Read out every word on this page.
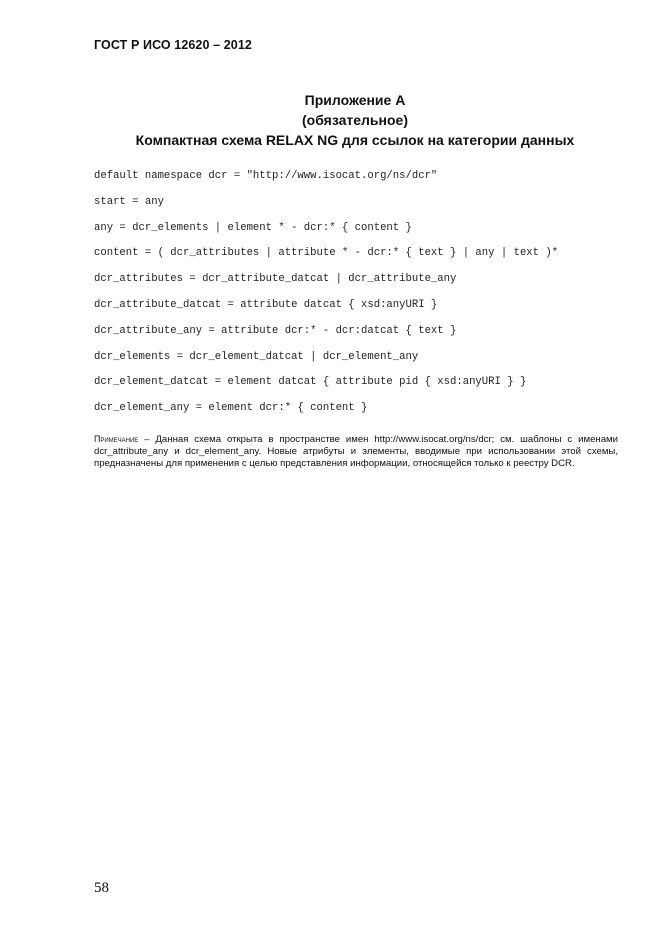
ГОСТ Р ИСО 12620 – 2012
Приложение А
(обязательное)
Компактная схема RELAX NG для ссылок на категории данных
default namespace dcr = "http://www.isocat.org/ns/dcr"
start = any
any = dcr_elements | element * - dcr:* { content }
content = ( dcr_attributes | attribute * - dcr:* { text } | any | text )*
dcr_attributes = dcr_attribute_datcat | dcr_attribute_any
dcr_attribute_datcat = attribute datcat { xsd:anyURI }
dcr_attribute_any = attribute dcr:* - dcr:datcat { text }
dcr_elements = dcr_element_datcat | dcr_element_any
dcr_element_datcat = element datcat { attribute pid { xsd:anyURI } }
dcr_element_any = element dcr:* { content }
Примечание – Данная схема открыта в пространстве имен http://www.isocat.org/ns/dcr; см. шаблоны с именами dcr_attribute_any и dcr_element_any. Новые атрибуты и элементы, вводимые при использовании этой схемы, предназначены для применения с целью представления информации, относящейся только к реестру DCR.
58
